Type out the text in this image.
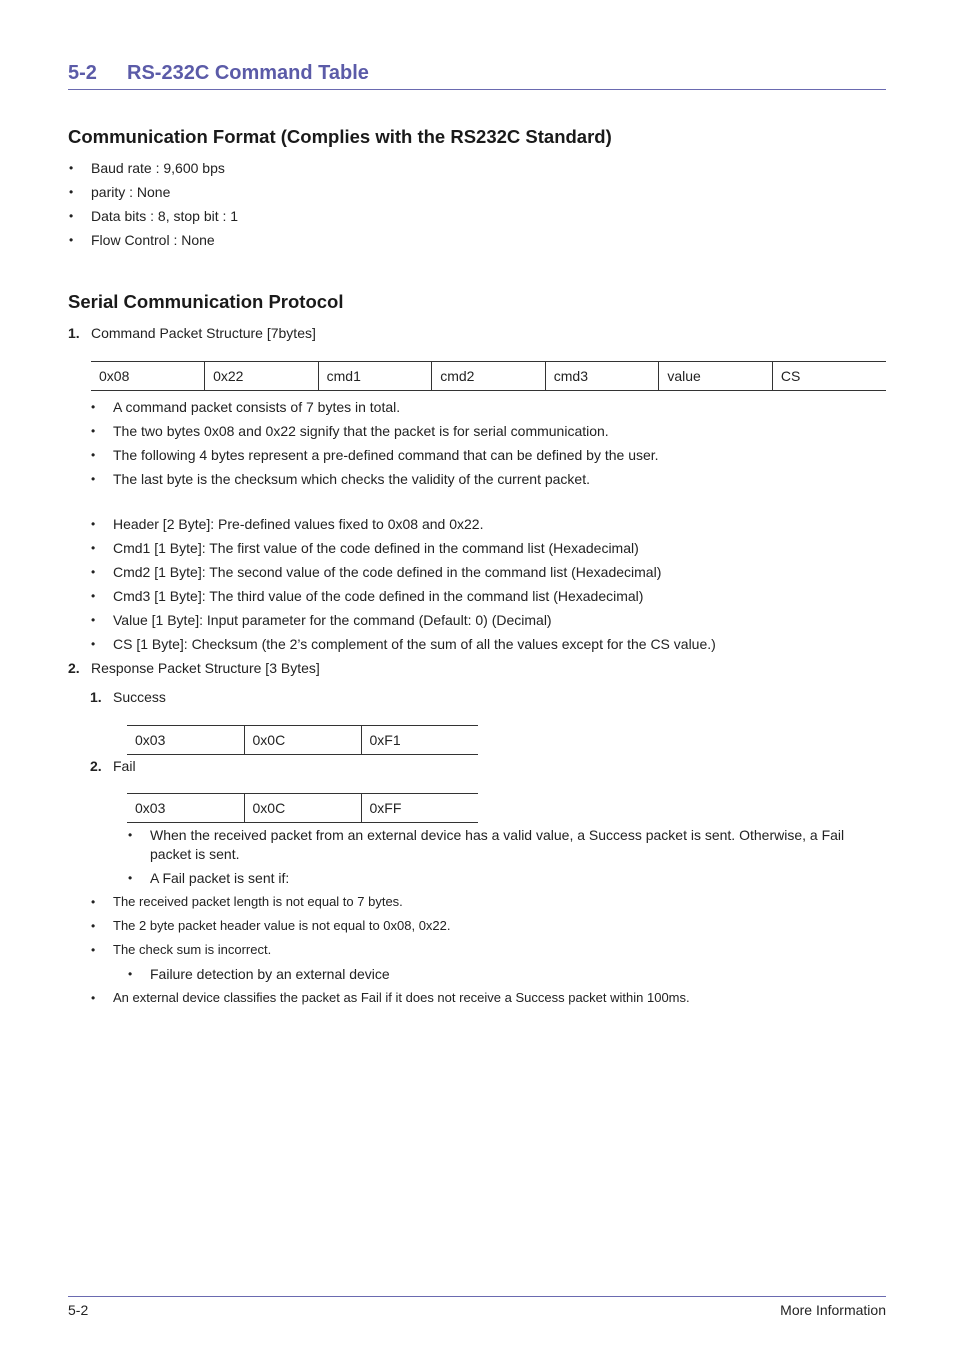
5-2 RS-232C Command Table
Communication Format (Complies with the RS232C Standard)
Baud rate : 9,600 bps
parity : None
Data bits : 8, stop bit : 1
Flow Control : None
Serial Communication Protocol
1. Command Packet Structure [7bytes]
0x08	0x22	cmd1	cmd2	cmd3	value	CS
A command packet consists of 7 bytes in total.
The two bytes 0x08 and 0x22 signify that the packet is for serial communication.
The following 4 bytes represent a pre-defined command that can be defined by the user.
The last byte is the checksum which checks the validity of the current packet.
Header [2 Byte]: Pre-defined values fixed to 0x08 and 0x22.
Cmd1 [1 Byte]: The first value of the code defined in the command list (Hexadecimal)
Cmd2 [1 Byte]: The second value of the code defined in the command list (Hexadecimal)
Cmd3 [1 Byte]: The third value of the code defined in the command list (Hexadecimal)
Value [1 Byte]: Input parameter for the command (Default: 0) (Decimal)
CS [1 Byte]: Checksum (the 2’s complement of the sum of all the values except for the CS value.)
2. Response Packet Structure [3 Bytes]
1. Success
0x03	0x0C	0xF1
2. Fail
0x03	0x0C	0xFF
When the received packet from an external device has a valid value, a Success packet is sent. Otherwise, a Fail
packet is sent.
A Fail packet is sent if:
The received packet length is not equal to 7 bytes.
The 2 byte packet header value is not equal to 0x08, 0x22.
The check sum is incorrect.
Failure detection by an external device
An external device classifies the packet as Fail if it does not receive a Success packet within 100ms.
5-2	More Information
